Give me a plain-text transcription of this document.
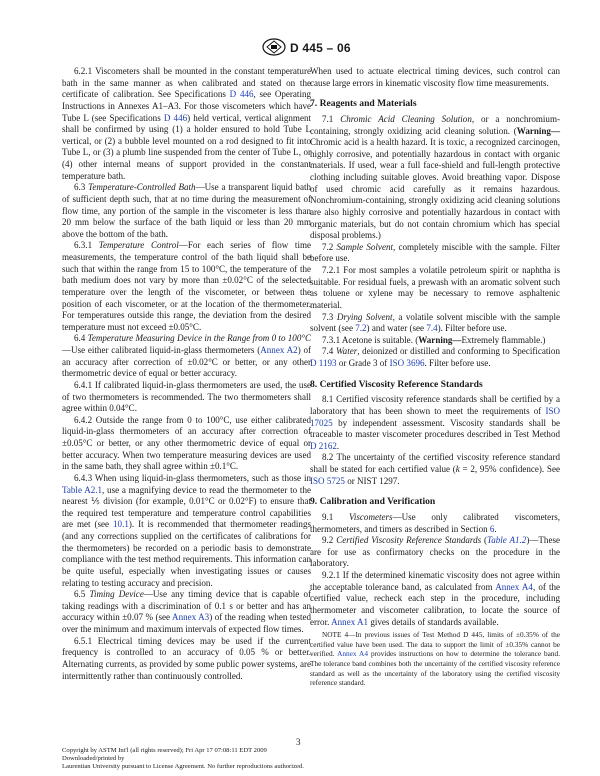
D 445 – 06

6.2.1 Viscometers shall be mounted in the constant temperature bath in the same manner as when calibrated and stated on the certificate of calibration. See Specifications D 446, see Operating Instructions in Annexes A1–A3. For those viscometers which have Tube L (see Specifications D 446) held vertical, vertical alignment shall be confirmed by using (1) a holder ensured to hold Tube L vertical, or (2) a bubble level mounted on a rod designed to fit into Tube L, or (3) a plumb line suspended from the center of Tube L, or (4) other internal means of support provided in the constant temperature bath.

6.3 Temperature-Controlled Bath—Use a transparent liquid bath of sufficient depth such, that at no time during the measurement of flow time, any portion of the sample in the viscometer is less than 20 mm below the surface of the bath liquid or less than 20 mm above the bottom of the bath.

6.3.1 Temperature Control—For each series of flow time measurements, the temperature control of the bath liquid shall be such that within the range from 15 to 100°C, the temperature of the bath medium does not vary by more than ±0.02°C of the selected temperature over the length of the viscometer, or between the position of each viscometer, or at the location of the thermometer. For temperatures outside this range, the deviation from the desired temperature must not exceed ±0.05°C.

6.4 Temperature Measuring Device in the Range from 0 to 100°C—Use either calibrated liquid-in-glass thermometers (Annex A2) of an accuracy after correction of ±0.02°C or better, or any other thermometric device of equal or better accuracy.

6.4.1 If calibrated liquid-in-glass thermometers are used, the use of two thermometers is recommended. The two thermometers shall agree within 0.04°C.

6.4.2 Outside the range from 0 to 100°C, use either calibrated liquid-in-glass thermometers of an accuracy after correction of ±0.05°C or better, or any other thermometric device of equal or better accuracy. When two temperature measuring devices are used in the same bath, they shall agree within ±0.1°C.

6.4.3 When using liquid-in-glass thermometers, such as those in Table A2.1, use a magnifying device to read the thermometer to the nearest ⅕ division (for example, 0.01°C or 0.02°F) to ensure that the required test temperature and temperature control capabilities are met (see 10.1). It is recommended that thermometer readings (and any corrections supplied on the certificates of calibrations for the thermometers) be recorded on a periodic basis to demonstrate compliance with the test method requirements. This information can be quite useful, especially when investigating issues or causes relating to testing accuracy and precision.

6.5 Timing Device—Use any timing device that is capable of taking readings with a discrimination of 0.1 s or better and has an accuracy within ±0.07 % (see Annex A3) of the reading when tested over the minimum and maximum intervals of expected flow times.

6.5.1 Electrical timing devices may be used if the current frequency is controlled to an accuracy of 0.05 % or better. Alternating currents, as provided by some public power systems, are intermittently rather than continuously controlled.

When used to actuate electrical timing devices, such control can cause large errors in kinematic viscosity flow time measurements.

7. Reagents and Materials

7.1 Chromic Acid Cleaning Solution, or a nonchromium-containing, strongly oxidizing acid cleaning solution. (Warning—Chromic acid is a health hazard. It is toxic, a recognized carcinogen, highly corrosive, and potentially hazardous in contact with organic materials. If used, wear a full face-shield and full-length protective clothing including suitable gloves. Avoid breathing vapor. Dispose of used chromic acid carefully as it remains hazardous. Nonchromium-containing, strongly oxidizing acid cleaning solutions are also highly corrosive and potentially hazardous in contact with organic materials, but do not contain chromium which has special disposal problems.)

7.2 Sample Solvent, completely miscible with the sample. Filter before use.

7.2.1 For most samples a volatile petroleum spirit or naphtha is suitable. For residual fuels, a prewash with an aromatic solvent such as toluene or xylene may be necessary to remove asphaltenic material.

7.3 Drying Solvent, a volatile solvent miscible with the sample solvent (see 7.2) and water (see 7.4). Filter before use.

7.3.1 Acetone is suitable. (Warning—Extremely flammable.)

7.4 Water, deionized or distilled and conforming to Specification D 1193 or Grade 3 of ISO 3696. Filter before use.

8. Certified Viscosity Reference Standards

8.1 Certified viscosity reference standards shall be certified by a laboratory that has been shown to meet the requirements of ISO 17025 by independent assessment. Viscosity standards shall be traceable to master viscometer procedures described in Test Method D 2162.

8.2 The uncertainty of the certified viscosity reference standard shall be stated for each certified value (k = 2, 95% confidence). See ISO 5725 or NIST 1297.

9. Calibration and Verification

9.1 Viscometers—Use only calibrated viscometers, thermometers, and timers as described in Section 6.

9.2 Certified Viscosity Reference Standards (Table A1.2)—These are for use as confirmatory checks on the procedure in the laboratory.

9.2.1 If the determined kinematic viscosity does not agree within the acceptable tolerance band, as calculated from Annex A4, of the certified value, recheck each step in the procedure, including thermometer and viscometer calibration, to locate the source of error. Annex A1 gives details of standards available.

NOTE 4—In previous issues of Test Method D 445, limits of ±0.35% of the certified value have been used. The data to support the limit of ±0.35% cannot be verified. Annex A4 provides instructions on how to determine the tolerance band. The tolerance band combines both the uncertainty of the certified viscosity reference standard as well as the uncertainty of the laboratory using the certified viscosity reference standard.

3
Copyright by ASTM Int'l (all rights reserved); Fri Apr 17 07:08:11 EDT 2009
Downloaded/printed by
Laurentian University pursuant to License Agreement. No further reproductions authorized.
